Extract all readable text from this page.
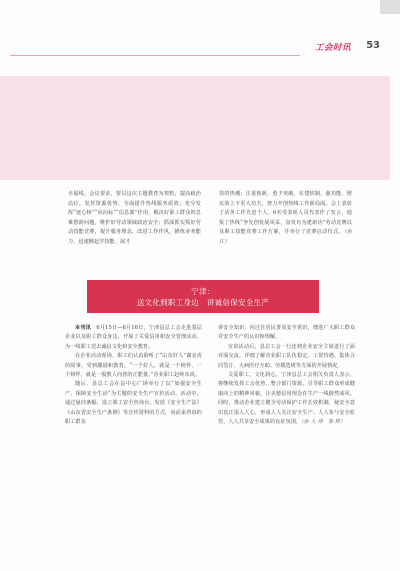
工会时讯 53
幸福线，会议要求，要以这次主题教育为契机，提高政治站位，发挥资源优势，全面提升热线服务质效；充分发挥“连心桥”“风向标”“信息源”作用，解决好职工群众的急难愁盼问题，维护好劳动领域政治安全；抓深抓实抓好劳动技能竞赛，提升服务理念，改进工作作风，锤炼业务能力，迅速掀起学技能、展才
技的热潮；注重创新，勇于突破，在建机制、强功能、增实效上下更大功夫，努力开创热线工作新局面。会上表彰了话务工作先进个人，6名受表彰人员代表作了发言，通报了热线“争先创优展风采，奋发有为建新功”劳动竞赛以及职工技能竞赛工作方案，并举行了竞赛启动仪式。（孙 江）
宁津：
送文化到职工身边　讲诚信保安全生产

本刊讯　 6月15日—6月16日，宁津县总工会走进基层企业以及职工群众身边，开展了关爱信用和安全管理活动，为一线职工送去诚信文化和安全教育。

在企业活动现场，职工们认真聆听了“山东好人”谢金虎的故事，受到激励和教育。“一个好人，就是一个榜样，一个榜样，就是一股教人向善的正能量。”企业职工赵岭东说。

随后，县总工会在县中心广场举行了以“加强安全生产、保障安全生活”为主题的安全生产宣传活动。活动中，通过悬挂条幅、设立职工安全咨询台、发放《安全生产法》《山东省安全生产条例》等宣传资料的方式，向前来咨询的职工群众

讲安全知识，向过往居民普及安全常识，增进广大职工群众对安全生产的认识和理解。

宣讲活动后，县总工会一行还到企业安全主席进行了面对面交流，详细了解企业职工队伍稳定、工资待遇、集体合同签订、大病医疗互助、劳模选树等方面的开展情况。

关爱职工，文化润心。宁津县总工会相关负责人表示，将继续发挥工会优势，整合部门资源，引导职工群众形成健康向上的精神风貌，让美德信用理念在生产一线蔚然成风。同时，推动企业建立健全劳动保护工作长效机制，使安全意识真正深入人心，形成人人关注安全生产、人人参与安全监管、人人共享安全成果的良好氛围。（孙 大 伟　参 辉）
